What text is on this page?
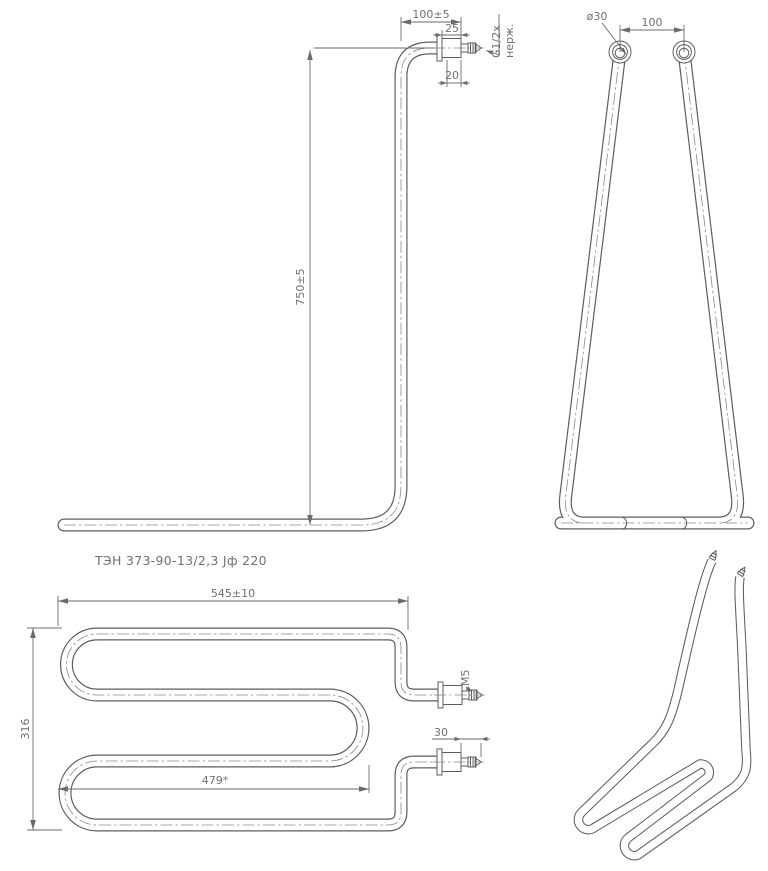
100±5
25
20
750±5
G1/2x нерж.
100
ø30
ТЭН 373-90-13/2,3 Jф 220
545±10
316
479*
M5
30
